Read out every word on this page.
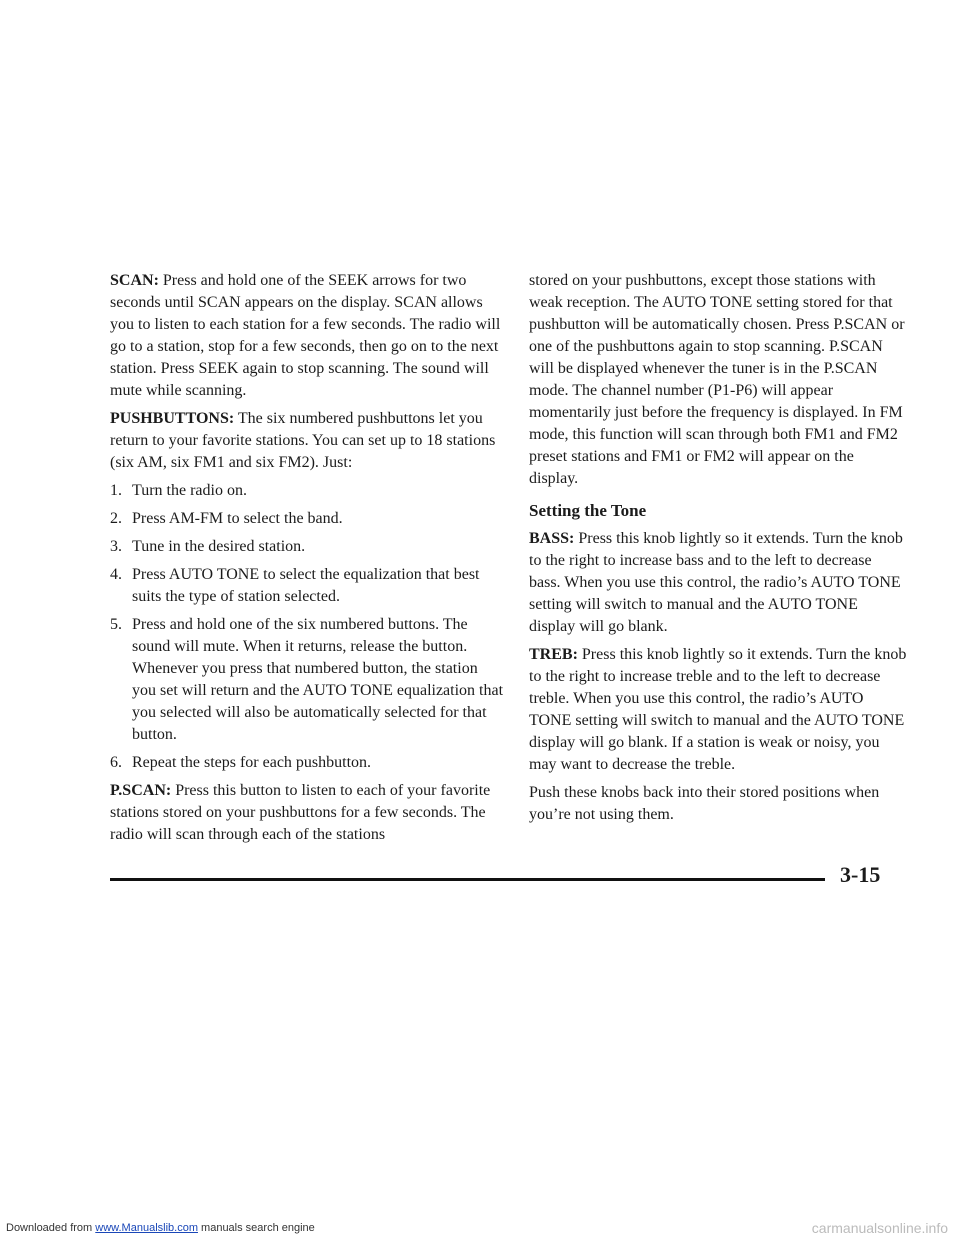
SCAN: Press and hold one of the SEEK arrows for two seconds until SCAN appears on the display. SCAN allows you to listen to each station for a few seconds. The radio will go to a station, stop for a few seconds, then go on to the next station. Press SEEK again to stop scanning. The sound will mute while scanning.

PUSHBUTTONS: The six numbered pushbuttons let you return to your favorite stations. You can set up to 18 stations (six AM, six FM1 and six FM2). Just:

1. Turn the radio on.
2. Press AM-FM to select the band.
3. Tune in the desired station.
4. Press AUTO TONE to select the equalization that best suits the type of station selected.
5. Press and hold one of the six numbered buttons. The sound will mute. When it returns, release the button. Whenever you press that numbered button, the station you set will return and the AUTO TONE equalization that you selected will also be automatically selected for that button.
6. Repeat the steps for each pushbutton.

P.SCAN: Press this button to listen to each of your favorite stations stored on your pushbuttons for a few seconds. The radio will scan through each of the stations

stored on your pushbuttons, except those stations with weak reception. The AUTO TONE setting stored for that pushbutton will be automatically chosen. Press P.SCAN or one of the pushbuttons again to stop scanning. P.SCAN will be displayed whenever the tuner is in the P.SCAN mode. The channel number (P1-P6) will appear momentarily just before the frequency is displayed. In FM mode, this function will scan through both FM1 and FM2 preset stations and FM1 or FM2 will appear on the display.

Setting the Tone

BASS: Press this knob lightly so it extends. Turn the knob to the right to increase bass and to the left to decrease bass. When you use this control, the radio’s AUTO TONE setting will switch to manual and the AUTO TONE display will go blank.

TREB: Press this knob lightly so it extends. Turn the knob to the right to increase treble and to the left to decrease treble. When you use this control, the radio’s AUTO TONE setting will switch to manual and the AUTO TONE display will go blank. If a station is weak or noisy, you may want to decrease the treble.

Push these knobs back into their stored positions when you’re not using them.

3-15
Downloaded from www.Manualslib.com manuals search engine	carmanualsonline.info
